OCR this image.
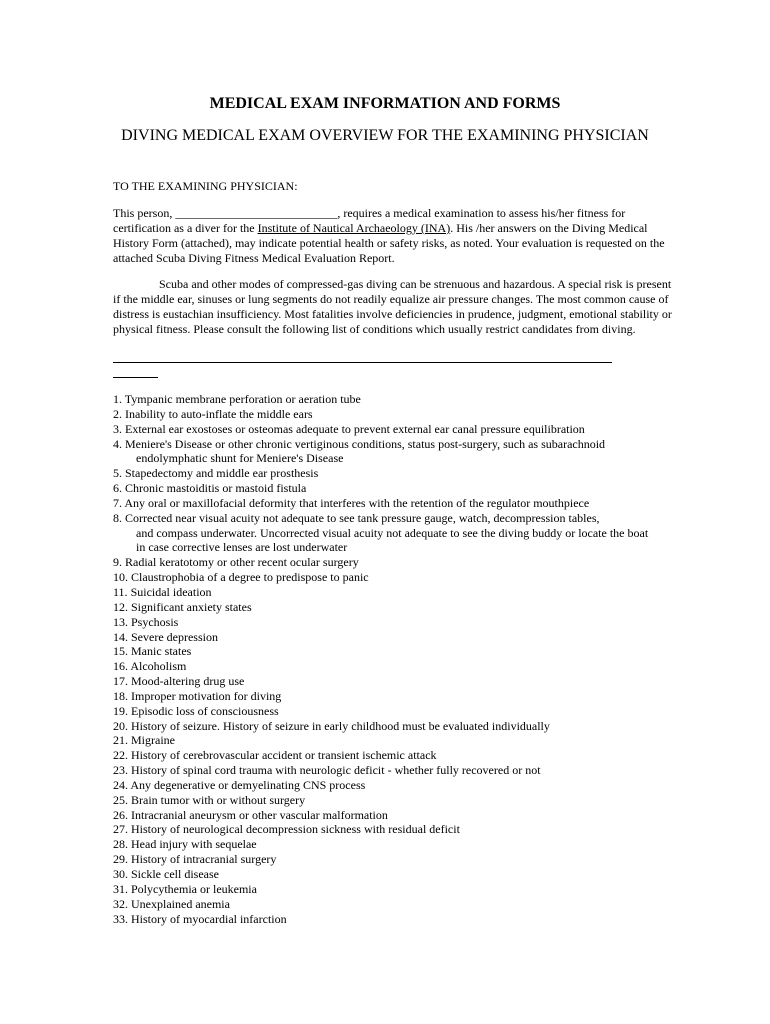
MEDICAL EXAM INFORMATION AND FORMS
DIVING MEDICAL EXAM OVERVIEW FOR THE EXAMINING PHYSICIAN
TO THE EXAMINING PHYSICIAN:
This person, ___________________________, requires a medical examination to assess his/her fitness for certification as a diver for the Institute of Nautical Archaeology (INA). His /her answers on the Diving Medical History Form (attached), may indicate potential health or safety risks, as noted. Your evaluation is requested on the attached Scuba Diving Fitness Medical Evaluation Report.
Scuba and other modes of compressed-gas diving can be strenuous and hazardous. A special risk is present if the middle ear, sinuses or lung segments do not readily equalize air pressure changes. The most common cause of distress is eustachian insufficiency. Most fatalities involve deficiencies in prudence, judgment, emotional stability or physical fitness. Please consult the following list of conditions which usually restrict candidates from diving.
1. Tympanic membrane perforation or aeration tube
2. Inability to auto-inflate the middle ears
3. External ear exostoses or osteomas adequate to prevent external ear canal pressure equilibration
4. Meniere's Disease or other chronic vertiginous conditions, status post-surgery, such as subarachnoid
endolymphatic shunt for Meniere's Disease
5. Stapedectomy and middle ear prosthesis
6. Chronic mastoiditis or mastoid fistula
7. Any oral or maxillofacial deformity that interferes with the retention of the regulator mouthpiece
8. Corrected near visual acuity not adequate to see tank pressure gauge, watch, decompression tables,
and compass underwater. Uncorrected visual acuity not adequate to see the diving buddy or locate the boat in case corrective lenses are lost underwater
9. Radial keratotomy or other recent ocular surgery
10. Claustrophobia of a degree to predispose to panic
11. Suicidal ideation
12. Significant anxiety states
13. Psychosis
14. Severe depression
15. Manic states
16. Alcoholism
17. Mood-altering drug use
18. Improper motivation for diving
19. Episodic loss of consciousness
20. History of seizure. History of seizure in early childhood must be evaluated individually
21. Migraine
22. History of cerebrovascular accident or transient ischemic attack
23. History of spinal cord trauma with neurologic deficit - whether fully recovered or not
24. Any degenerative or demyelinating CNS process
25. Brain tumor with or without surgery
26. Intracranial aneurysm or other vascular malformation
27. History of neurological decompression sickness with residual deficit
28. Head injury with sequelae
29. History of intracranial surgery
30. Sickle cell disease
31. Polycythemia or leukemia
32. Unexplained anemia
33. History of myocardial infarction
